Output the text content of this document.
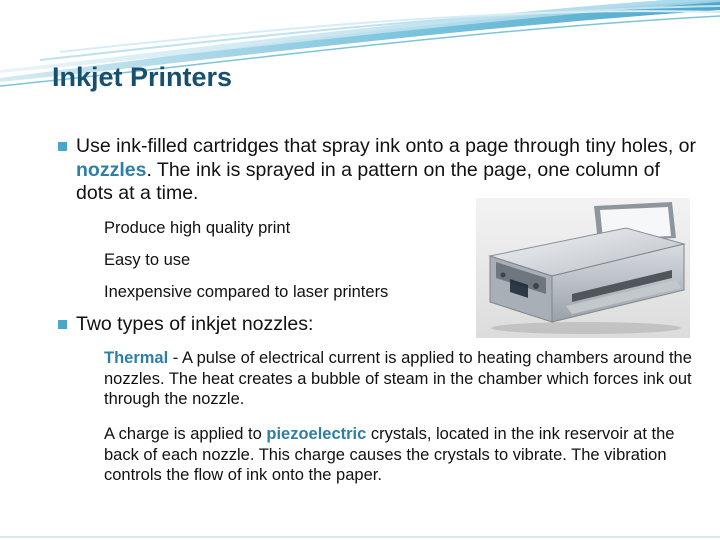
Inkjet Printers
Use ink-filled cartridges that spray ink onto a page through tiny holes, or nozzles. The ink is sprayed in a pattern on the page, one column of dots at a time.
Produce high quality print
Easy to use
Inexpensive compared to laser printers
Two types of inkjet nozzles:
Thermal - A pulse of electrical current is applied to heating chambers around the nozzles. The heat creates a bubble of steam in the chamber which forces ink out through the nozzle.
A charge is applied to piezoelectric crystals, located in the ink reservoir at the back of each nozzle. This charge causes the crystals to vibrate. The vibration controls the flow of ink onto the paper.
